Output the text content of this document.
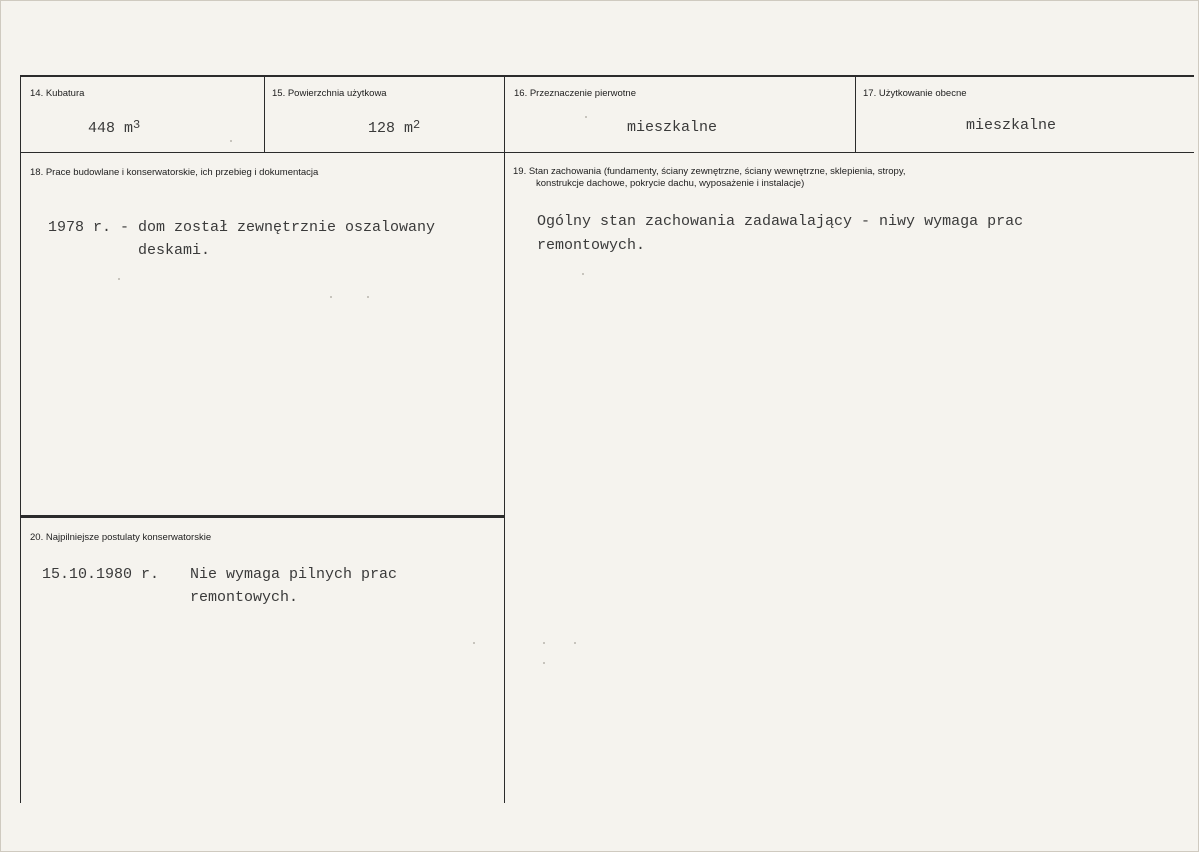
14. Kubatura
448 $m^3$
15. Powierzchnia użytkowa
128 $m^2$
16. Przeznaczenie pierwotne
mieszkalne
17. Użytkowanie obecne
mieszkalne
18. Prace budowlane i konserwatorskie, ich przebieg i dokumentacja
1978 r. - dom został zewnętrznie oszalowany
deskami.
19. Stan zachowania (fundamenty, ściany zewnętrzne, ściany wewnętrzne, sklepienia, stropy,
konstrukcje dachowe, pokrycie dachu, wyposażenie i instalacje)
Ogólny stan zachowania zadawalający - niwy wymaga prac
remontowych.
20. Najpilniejsze postulaty konserwatorskie
15.10.1980 r. Nie wymaga pilnych prac
remontowych.
